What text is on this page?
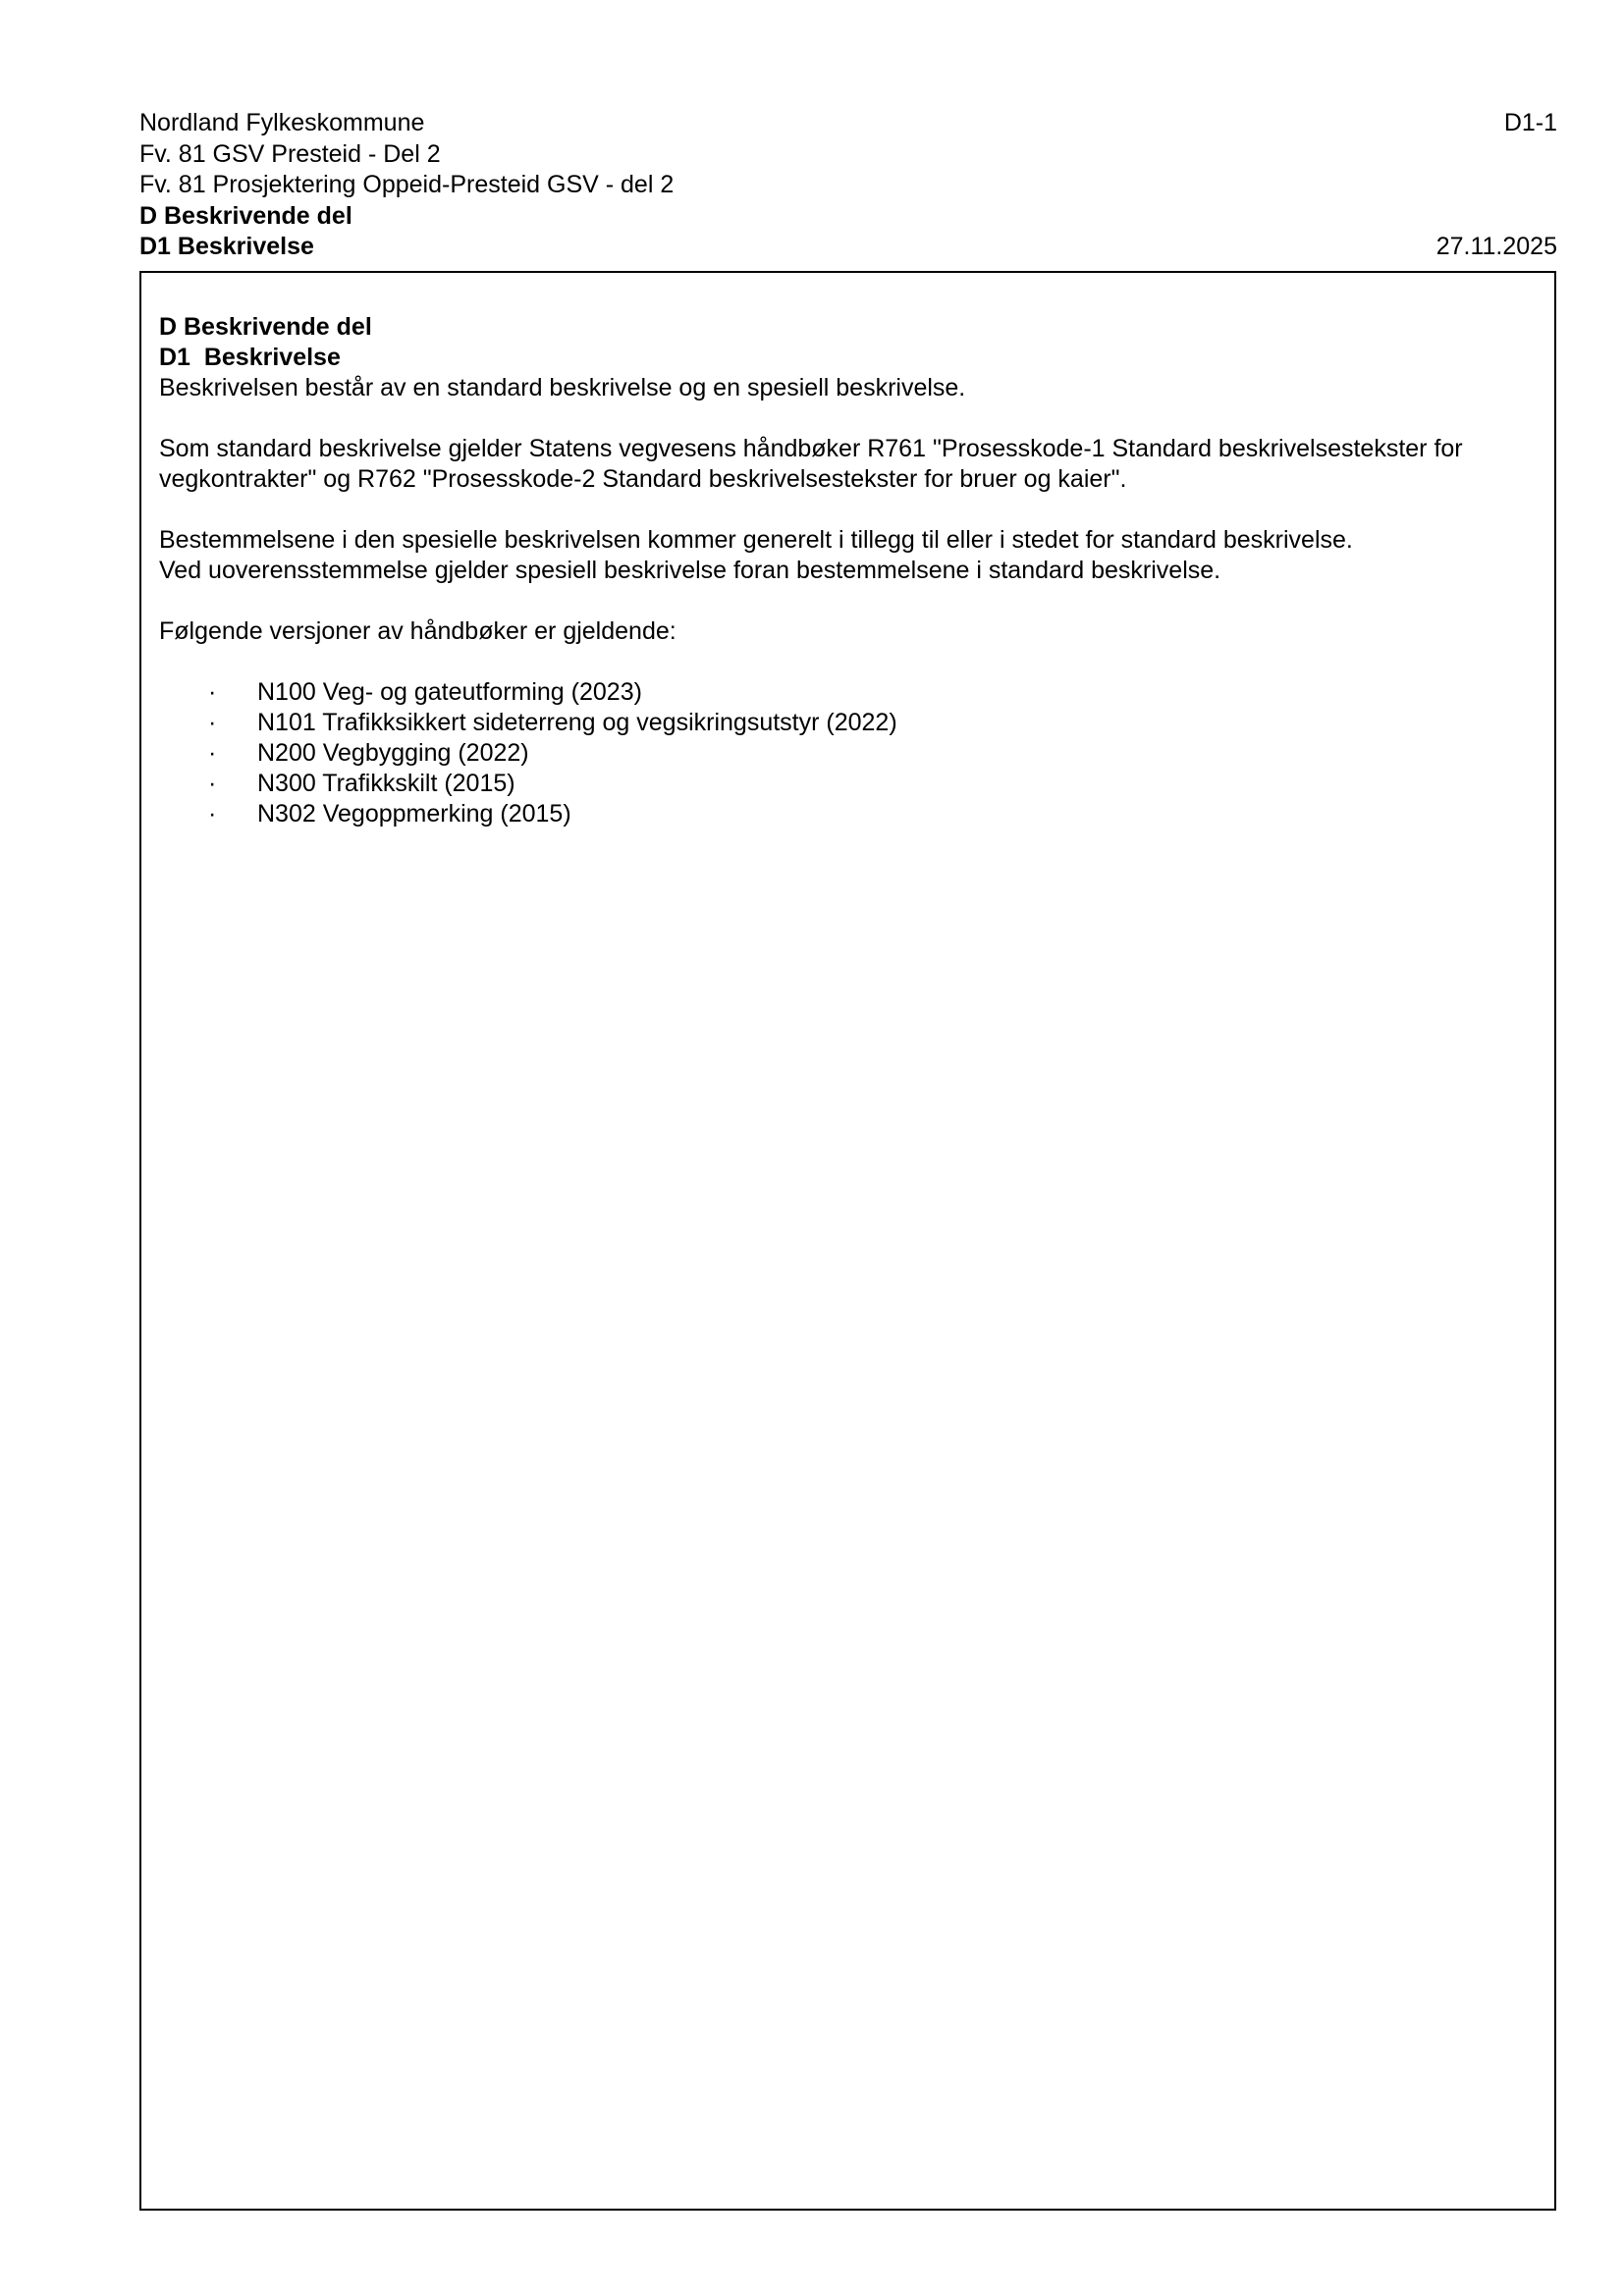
Nordland Fylkeskommune	D1-1
Fv. 81 GSV Presteid - Del 2
Fv. 81 Prosjektering Oppeid-Presteid GSV - del 2
D Beskrivende del
D1 Beskrivelse	27.11.2025
D Beskrivende del
D1  Beskrivelse

Beskrivelsen består av en standard beskrivelse og en spesiell beskrivelse.

Som standard beskrivelse gjelder Statens vegvesens håndbøker R761 "Prosesskode-1 Standard beskrivelsestekster for vegkontrakter" og R762 "Prosesskode-2 Standard beskrivelsestekster for bruer og kaier".

Bestemmelsene i den spesielle beskrivelsen kommer generelt i tillegg til eller i stedet for standard beskrivelse.
Ved uoverensstemmelse gjelder spesiell beskrivelse foran bestemmelsene i standard beskrivelse.

Følgende versjoner av håndbøker er gjeldende:

· N100 Veg- og gateutforming (2023)
· N101 Trafikksikkert sideterreng og vegsikringsutstyr (2022)
· N200 Vegbygging (2022)
· N300 Trafikkskilt (2015)
· N302 Vegoppmerking (2015)
